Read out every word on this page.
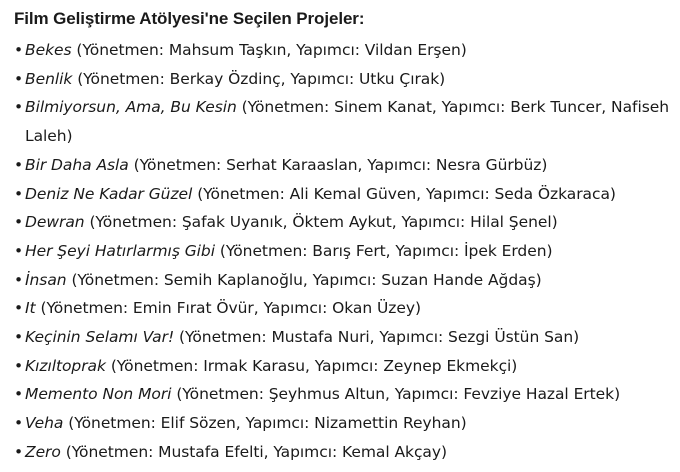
Film Geliştirme Atölyesi'ne Seçilen Projeler:
• Bekes (Yönetmen: Mahsum Taşkın, Yapımcı: Vildan Erşen)
• Benlik (Yönetmen: Berkay Özdinç, Yapımcı: Utku Çırak)
• Bilmiyorsun, Ama, Bu Kesin (Yönetmen: Sinem Kanat, Yapımcı: Berk Tuncer, Nafiseh Laleh)
• Bir Daha Asla (Yönetmen: Serhat Karaaslan, Yapımcı: Nesra Gürbüz)
• Deniz Ne Kadar Güzel (Yönetmen: Ali Kemal Güven, Yapımcı: Seda Özkaraca)
• Dewran (Yönetmen: Şafak Uyanık, Öktem Aykut, Yapımcı: Hilal Şenel)
• Her Şeyi Hatırlarmış Gibi (Yönetmen: Barış Fert, Yapımcı: İpek Erden)
• İnsan (Yönetmen: Semih Kaplanoğlu, Yapımcı: Suzan Hande Ağdaş)
• It (Yönetmen: Emin Fırat Övür, Yapımcı: Okan Üzey)
• Keçinin Selamı Var! (Yönetmen: Mustafa Nuri, Yapımcı: Sezgi Üstün San)
• Kızıltoprak (Yönetmen: Irmak Karasu, Yapımcı: Zeynep Ekmekçi)
• Memento Non Mori (Yönetmen: Şeyhmus Altun, Yapımcı: Fevziye Hazal Ertek)
• Veha (Yönetmen: Elif Sözen, Yapımcı: Nizamettin Reyhan)
• Zero (Yönetmen: Mustafa Efelti, Yapımcı: Kemal Akçay)
